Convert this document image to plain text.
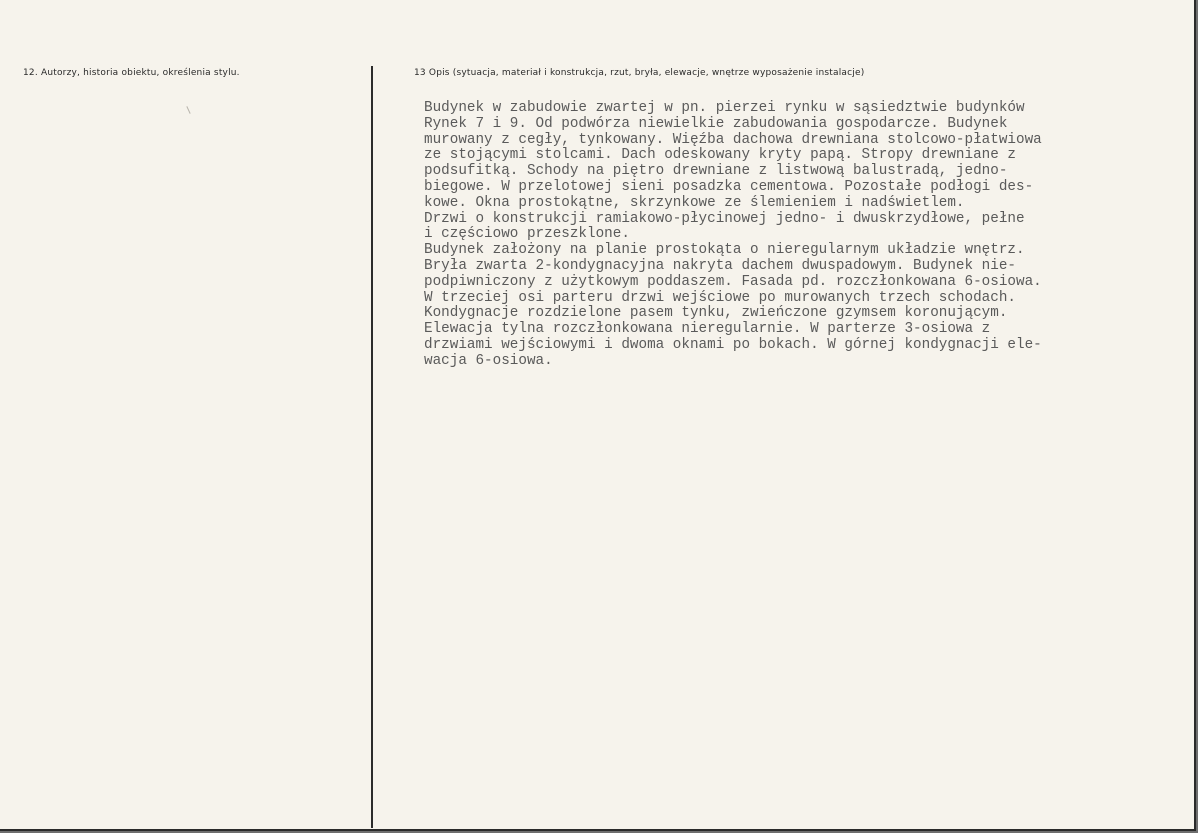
12. Autorzy, historia obiektu, określenia stylu.	13 Opis (sytuacja, materiał i konstrukcja, rzut, bryła, elewacje, wnętrze wyposażenie instalacje)
Budynek w zabudowie zwartej w pn. pierzei rynku w sąsiedztwie budynków
Rynek 7 i 9. Od podwórza niewielkie zabudowania gospodarcze. Budynek
murowany z cegły, tynkowany. Więźba dachowa drewniana stolcowo-płatwiowa
ze stojącymi stolcami. Dach odeskowany kryty papą. Stropy drewniane z
podsufitką. Schody na piętro drewniane z listwową balustradą, jedno-
biegowe. W przelotowej sieni posadzka cementowa. Pozostałe podłogi des-
kowe. Okna prostokątne, skrzynkowe ze ślemieniem i nadświetlem.
Drzwi o konstrukcji ramiakowo-płycinowej jedno- i dwuskrzydłowe, pełne
i częściowo przeszklone.
Budynek założony na planie prostokąta o nieregularnym układzie wnętrz.
Bryła zwarta 2-kondygnacyjna nakryta dachem dwuspadowym. Budynek nie-
podpiwniczony z użytkowym poddaszem. Fasada pd. rozczłonkowana 6-osiowa.
W trzeciej osi parteru drzwi wejściowe po murowanych trzech schodach.
Kondygnacje rozdzielone pasem tynku, zwieńczone gzymsem koronującym.
Elewacja tylna rozczłonkowana nieregularnie. W parterze 3-osiowa z
drzwiami wejściowymi i dwoma oknami po bokach. W górnej kondygnacji ele-
wacja 6-osiowa.
